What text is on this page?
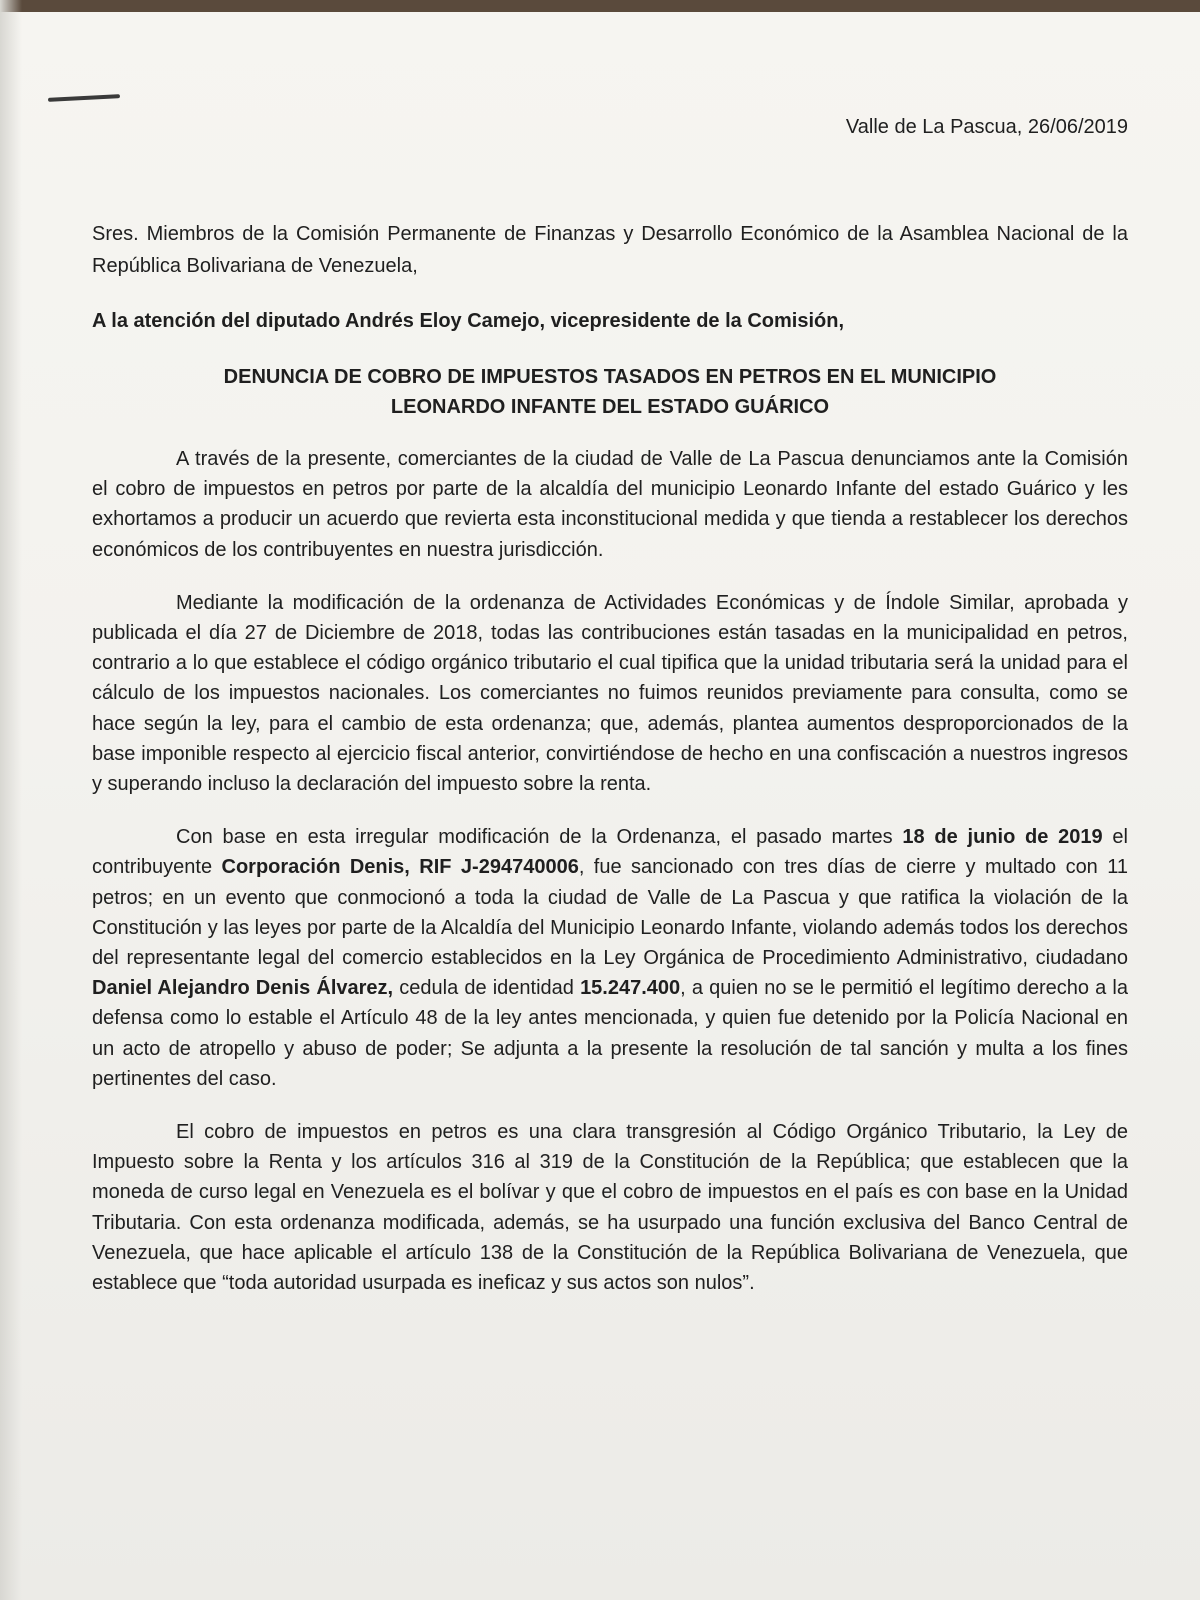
Valle de La Pascua, 26/06/2019

Sres. Miembros de la Comisión Permanente de Finanzas y Desarrollo Económico de la Asamblea Nacional de la República Bolivariana de Venezuela,

A la atención del diputado Andrés Eloy Camejo, vicepresidente de la Comisión,

DENUNCIA DE COBRO DE IMPUESTOS TASADOS EN PETROS EN EL MUNICIPIO
LEONARDO INFANTE DEL ESTADO GUÁRICO

A través de la presente, comerciantes de la ciudad de Valle de La Pascua denunciamos ante la Comisión el cobro de impuestos en petros por parte de la alcaldía del municipio Leonardo Infante del estado Guárico y les exhortamos a producir un acuerdo que revierta esta inconstitucional medida y que tienda a restablecer los derechos económicos de los contribuyentes en nuestra jurisdicción.

Mediante la modificación de la ordenanza de Actividades Económicas y de Índole Similar, aprobada y publicada el día 27 de Diciembre de 2018, todas las contribuciones están tasadas en la municipalidad en petros, contrario a lo que establece el código orgánico tributario el cual tipifica que la unidad tributaria será la unidad para el cálculo de los impuestos nacionales. Los comerciantes no fuimos reunidos previamente para consulta, como se hace según la ley, para el cambio de esta ordenanza; que, además, plantea aumentos desproporcionados de la base imponible respecto al ejercicio fiscal anterior, convirtiéndose de hecho en una confiscación a nuestros ingresos y superando incluso la declaración del impuesto sobre la renta.

Con base en esta irregular modificación de la Ordenanza, el pasado martes 18 de junio de 2019 el contribuyente Corporación Denis, RIF J-294740006, fue sancionado con tres días de cierre y multado con 11 petros; en un evento que conmocionó a toda la ciudad de Valle de La Pascua y que ratifica la violación de la Constitución y las leyes por parte de la Alcaldía del Municipio Leonardo Infante, violando además todos los derechos del representante legal del comercio establecidos en la Ley Orgánica de Procedimiento Administrativo, ciudadano Daniel Alejandro Denis Álvarez, cedula de identidad 15.247.400, a quien no se le permitió el legítimo derecho a la defensa como lo estable el Artículo 48 de la ley antes mencionada, y quien fue detenido por la Policía Nacional en un acto de atropello y abuso de poder; Se adjunta a la presente la resolución de tal sanción y multa a los fines pertinentes del caso.

El cobro de impuestos en petros es una clara transgresión al Código Orgánico Tributario, la Ley de Impuesto sobre la Renta y los artículos 316 al 319 de la Constitución de la República; que establecen que la moneda de curso legal en Venezuela es el bolívar y que el cobro de impuestos en el país es con base en la Unidad Tributaria. Con esta ordenanza modificada, además, se ha usurpado una función exclusiva del Banco Central de Venezuela, que hace aplicable el artículo 138 de la Constitución de la República Bolivariana de Venezuela, que establece que “toda autoridad usurpada es ineficaz y sus actos son nulos”.
